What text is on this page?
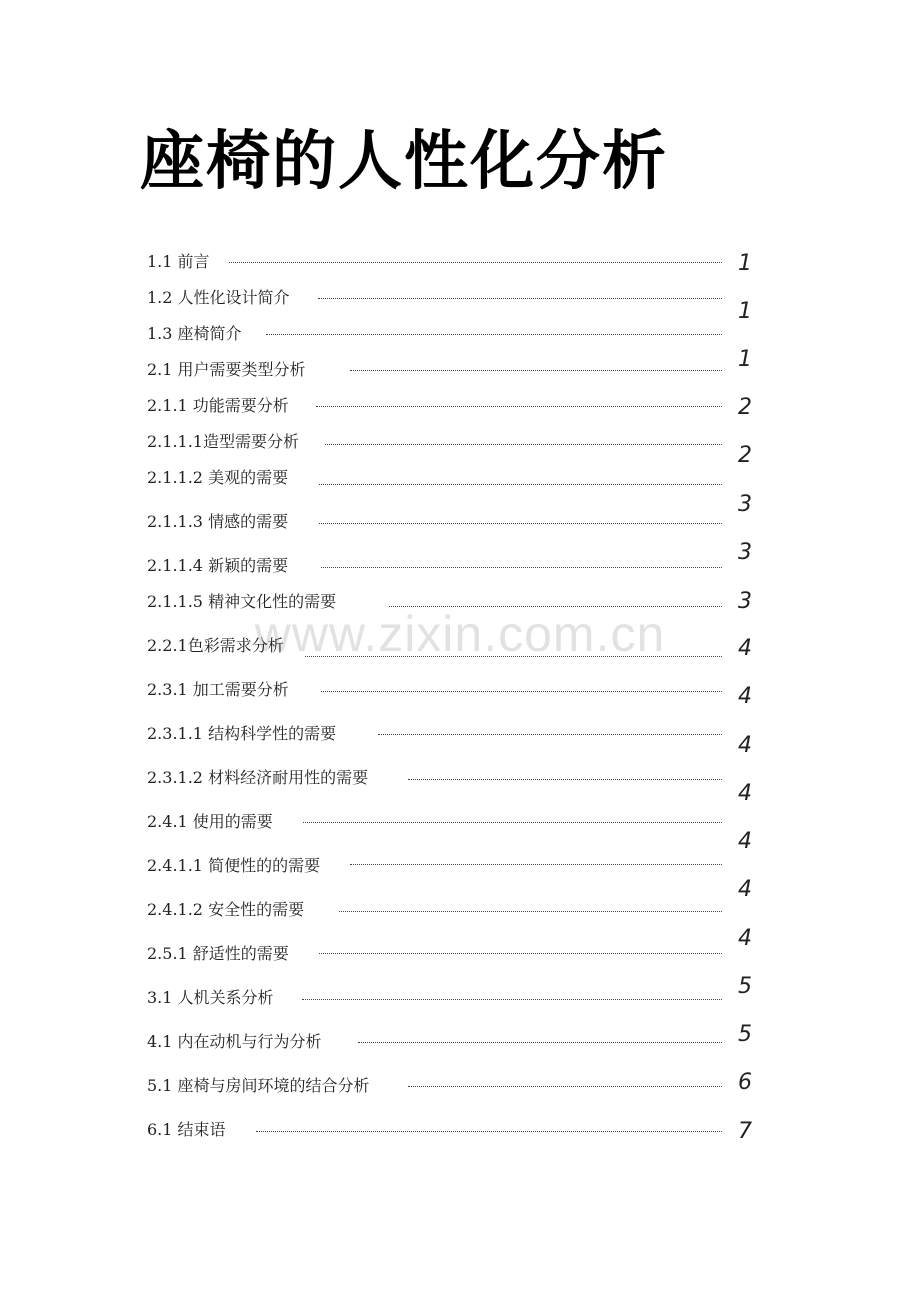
座椅的人性化分析
www.zixin.com.cn
1.1 前言
1.2 人性化设计简介
1.3 座椅简介
2.1 用户需要类型分析
2.1.1 功能需要分析
2.1.1.1造型需要分析
2.1.1.2 美观的需要
2.1.1.3 情感的需要
2.1.1.4 新颖的需要
2.1.1.5 精神文化性的需要
2.2.1色彩需求分析
2.3.1 加工需要分析
2.3.1.1 结构科学性的需要
2.3.1.2 材料经济耐用性的需要
2.4.1 使用的需要
2.4.1.1 简便性的的需要
2.4.1.2 安全性的需要
2.5.1 舒适性的需要
3.1 人机关系分析
4.1 内在动机与行为分析
5.1 座椅与房间环境的结合分析
6.1 结束语
1
1
1
2
2
3
3
3
4
4
4
4
4
4
4
5
5
6
7
